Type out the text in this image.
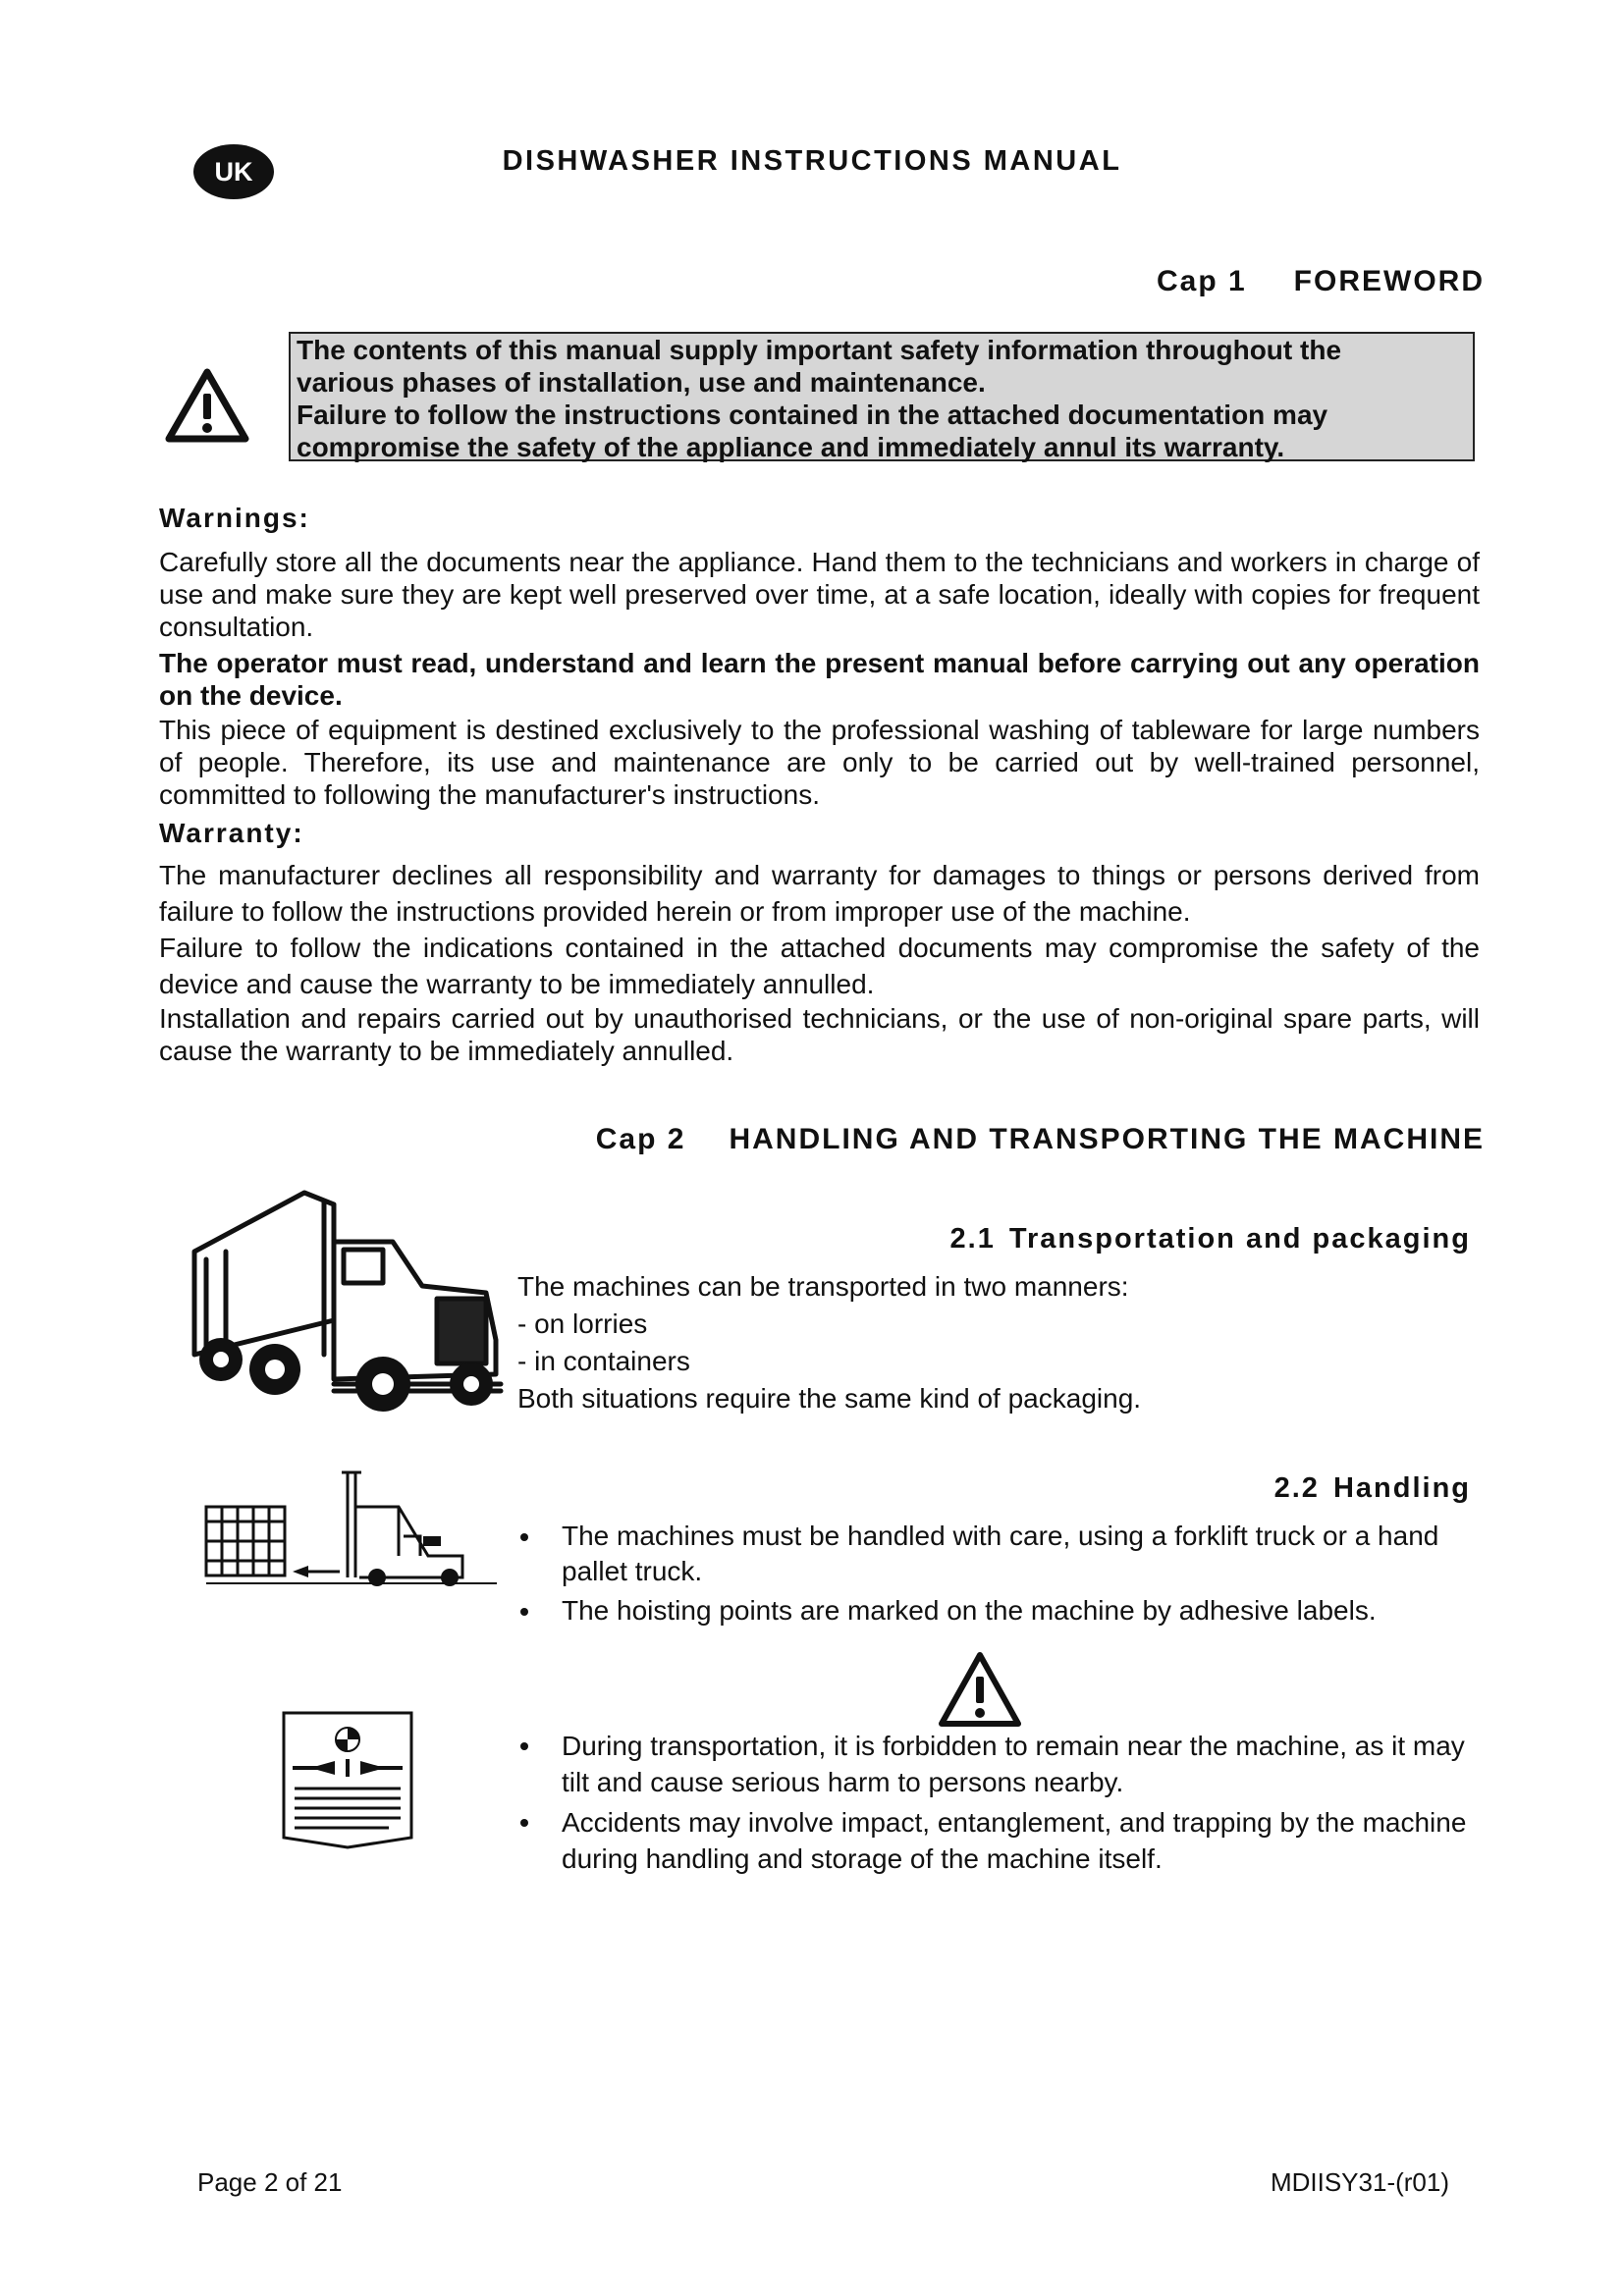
UK	DISHWASHER INSTRUCTIONS MANUAL
Cap 1 FOREWORD

The contents of this manual supply important safety information throughout the

various phases of installation, use and maintenance.

Failure to follow the instructions contained in the attached documentation may

compromise the safety of the appliance and immediately annul its warranty.

Warnings:

Carefully store all the documents near the appliance. Hand them to the technicians and workers in charge of use and make sure they are kept well preserved over time, at a safe location, ideally with copies for frequent consultation.

The operator must read, understand and learn the present manual before carrying out any operation on the device.

This piece of equipment is destined exclusively to the professional washing of tableware for large numbers of people. Therefore, its use and maintenance are only to be carried out by well-trained personnel, committed to following the manufacturer's instructions.

Warranty:

The manufacturer declines all responsibility and warranty for damages to things or persons derived from failure to follow the instructions provided herein or from improper use of the machine.

Failure to follow the indications contained in the attached documents may compromise the safety of the device and cause the warranty to be immediately annulled.

Installation and repairs carried out by unauthorised technicians, or the use of non-original spare parts, will cause the warranty to be immediately annulled.

Cap 2 HANDLING AND TRANSPORTING THE MACHINE
2.1 Transportation and packaging

The machines can be transported in two manners:

- on lorries

- in containers

Both situations require the same kind of packaging.

2.2 Handling

The machines must be handled with care, using a forklift truck or a hand pallet truck.

The hoisting points are marked on the machine by adhesive labels.

During transportation, it is forbidden to remain near the machine, as it may tilt and cause serious harm to persons nearby.

Accidents may involve impact, entanglement, and trapping by the machine during handling and storage of the machine itself.

Page 2 of 21	MDIISY31-(r01)
